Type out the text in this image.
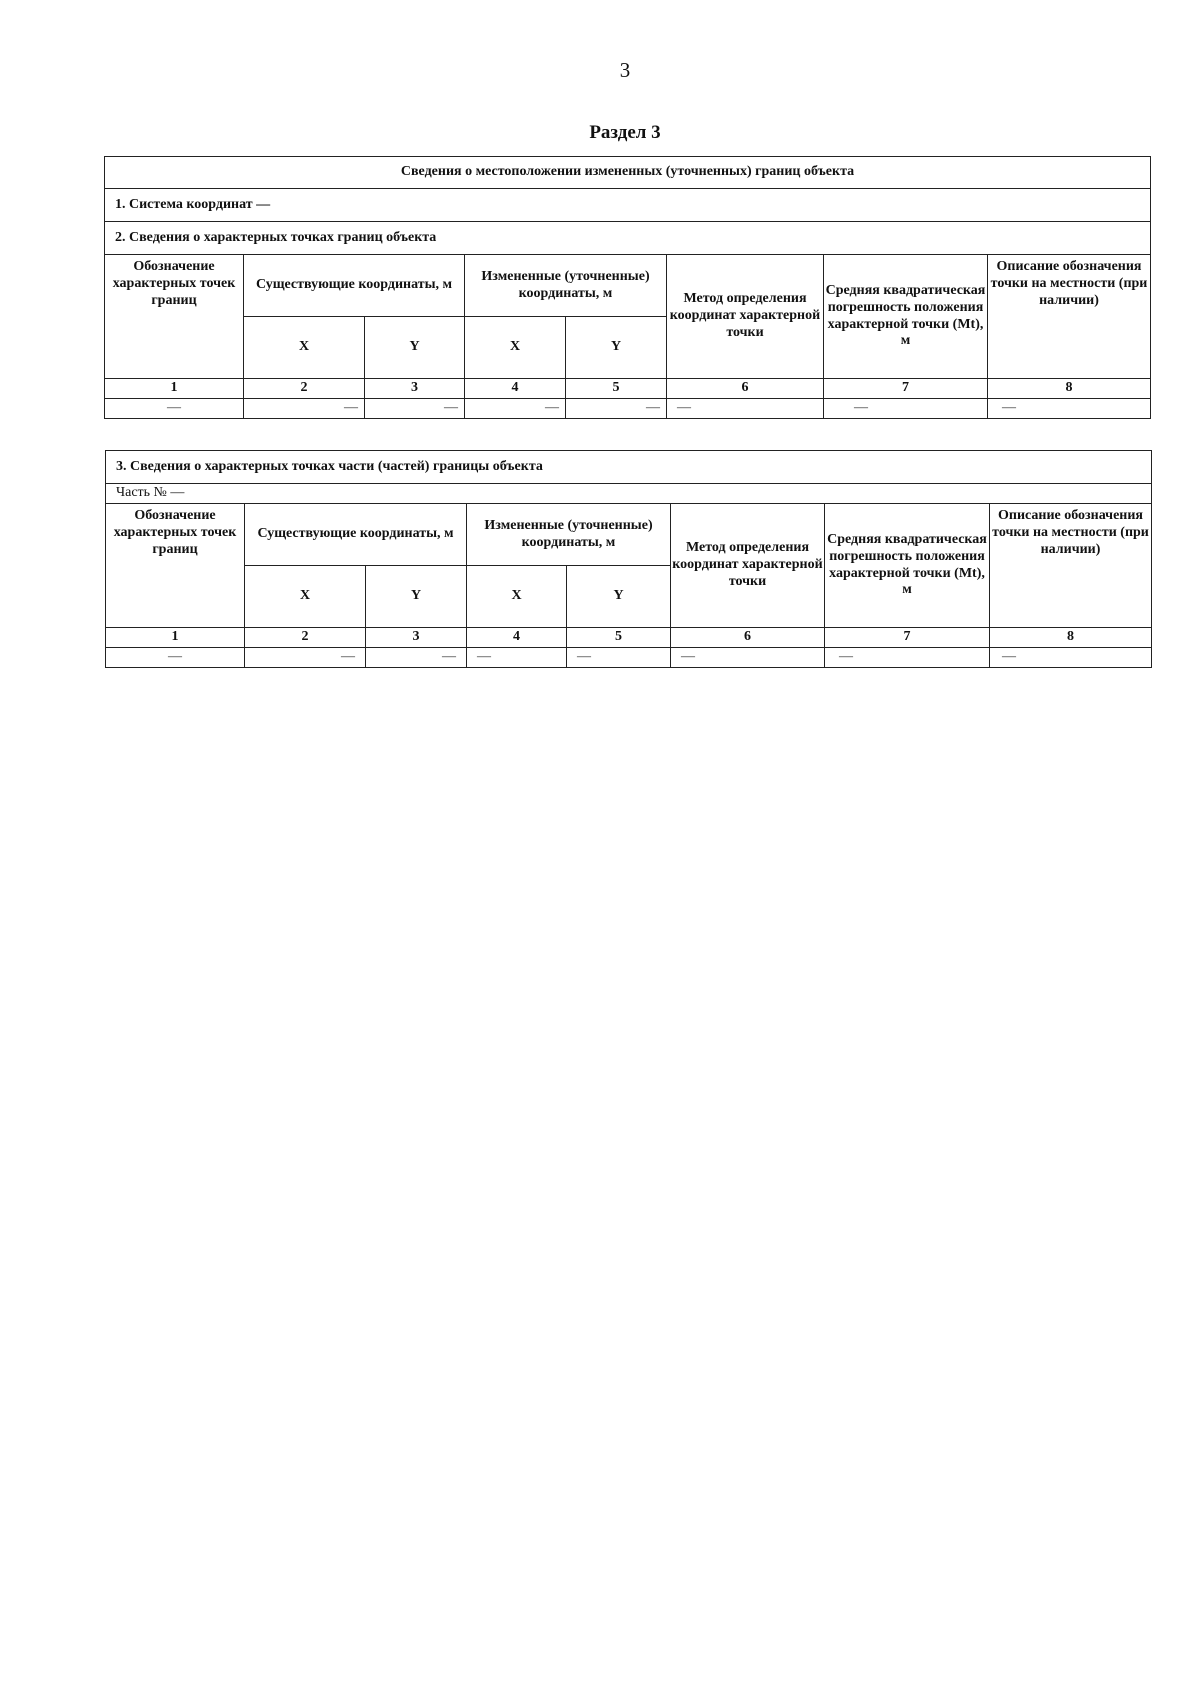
3
Раздел 3
Сведения о местоположении измененных (уточненных) границ объекта							
1. Система координат —							
2. Сведения о характерных точках границ объекта							
Обозначение характерных точек границ	Существующие координаты, м		Измененные (уточненные) координаты, м		Метод определения координат характерной точки	Средняя квадратическая погрешность положения характерной точки (Mt), м	Описание обозначения точки на местности (при наличии)
	X	Y	X	Y			
1	2	3	4	5	6	7	8
—	—	—	—	—	—	—	—
3. Сведения о характерных точках части (частей) границы объекта							
Часть № —							
Обозначение характерных точек границ	Существующие координаты, м		Измененные (уточненные) координаты, м		Метод определения координат характерной точки	Средняя квадратическая погрешность положения характерной точки (Mt), м	Описание обозначения точки на местности (при наличии)
	X	Y	X	Y			
1	2	3	4	5	6	7	8
—	—	—	—	—	—	—	—
